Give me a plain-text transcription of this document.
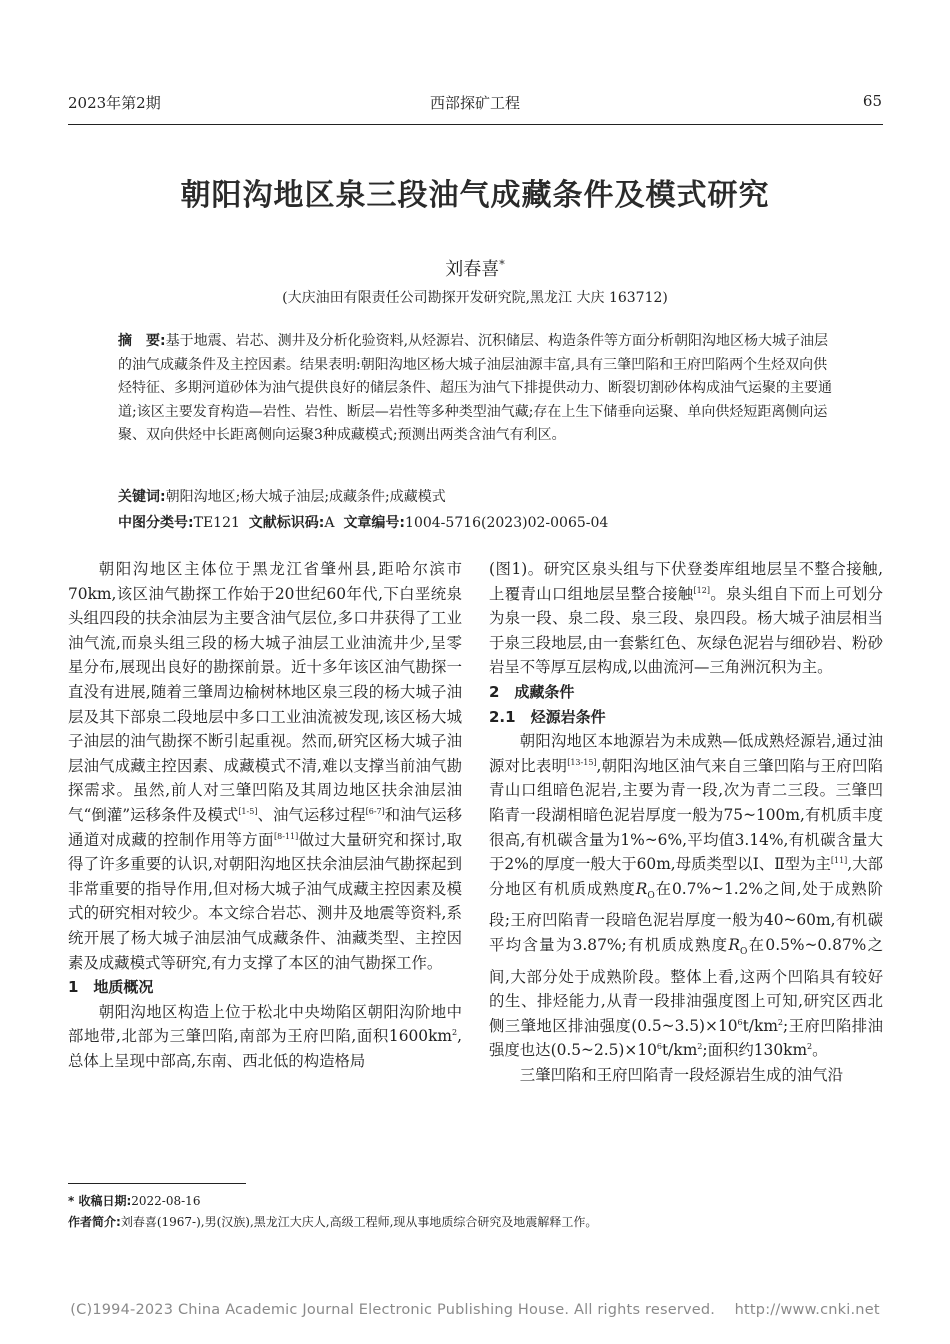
2023年第2期	西部探矿工程	65
朝阳沟地区泉三段油气成藏条件及模式研究
刘春喜*
(大庆油田有限责任公司勘探开发研究院,黑龙江 大庆 163712)
摘　要:基于地震、岩芯、测井及分析化验资料,从烃源岩、沉积储层、构造条件等方面分析朝阳沟地区杨大城子油层的油气成藏条件及主控因素。结果表明:朝阳沟地区杨大城子油层油源丰富,具有三肇凹陷和王府凹陷两个生烃双向供烃特征、多期河道砂体为油气提供良好的储层条件、超压为油气下排提供动力、断裂切割砂体构成油气运聚的主要通道;该区主要发育构造—岩性、岩性、断层—岩性等多种类型油气藏;存在上生下储垂向运聚、单向供烃短距离侧向运聚、双向供烃中长距离侧向运聚3种成藏模式;预测出两类含油气有利区。
关键词:朝阳沟地区;杨大城子油层;成藏条件;成藏模式
中图分类号:TE121 文献标识码:A 文章编号:1004-5716(2023)02-0065-04

朝阳沟地区主体位于黑龙江省肇州县,距哈尔滨市70km,该区油气勘探工作始于20世纪60年代,下白垩统泉头组四段的扶余油层为主要含油气层位,多口井获得了工业油气流,而泉头组三段的杨大城子油层工业油流井少,呈零星分布,展现出良好的勘探前景。近十多年该区油气勘探一直没有进展,随着三肇周边榆树林地区泉三段的杨大城子油层及其下部泉二段地层中多口工业油流被发现,该区杨大城子油层的油气勘探不断引起重视。然而,研究区杨大城子油层油气成藏主控因素、成藏模式不清,难以支撑当前油气勘探需求。虽然,前人对三肇凹陷及其周边地区扶余油层油气“倒灌”运移条件及模式[1-5]、油气运移过程[6-7]和油气运移通道对成藏的控制作用等方面[8-11]做过大量研究和探讨,取得了许多重要的认识,对朝阳沟地区扶余油层油气勘探起到非常重要的指导作用,但对杨大城子油气成藏主控因素及模式的研究相对较少。本文综合岩芯、测井及地震等资料,系统开展了杨大城子油层油气成藏条件、油藏类型、主控因素及成藏模式等研究,有力支撑了本区的油气勘探工作。

1　地质概况

朝阳沟地区构造上位于松北中央坳陷区朝阳沟阶地中部地带,北部为三肇凹陷,南部为王府凹陷,面积$1600km^2$,总体上呈现中部高,东南、西北低的构造格局

(图1)。研究区泉头组与下伏登娄库组地层呈不整合接触,上覆青山口组地层呈整合接触[12]。泉头组自下而上可划分为泉一段、泉二段、泉三段、泉四段。杨大城子油层相当于泉三段地层,由一套紫红色、灰绿色泥岩与细砂岩、粉砂岩呈不等厚互层构成,以曲流河—三角洲沉积为主。

2　成藏条件

2.1　烃源岩条件

朝阳沟地区本地源岩为未成熟—低成熟烃源岩,通过油源对比表明[13-15],朝阳沟地区油气来自三肇凹陷与王府凹陷青山口组暗色泥岩,主要为青一段,次为青二三段。三肇凹陷青一段湖相暗色泥岩厚度一般为75~100m,有机质丰度很高,有机碳含量为1%~6%,平均值3.14%,有机碳含量大于2%的厚度一般大于60m,母质类型以Ⅰ、Ⅱ型为主[11],大部分地区有机质成熟度$R_O$在0.7%~1.2%之间,处于成熟阶段;王府凹陷青一段暗色泥岩厚度一般为40~60m,有机碳平均含量为3.87%;有机质成熟度$R_O$在0.5%~0.87%之间,大部分处于成熟阶段。整体上看,这两个凹陷具有较好的生、排烃能力,从青一段排油强度图上可知,研究区西北侧三肇地区排油强度$(0.5\sim 3.5)\times 10^6t/km^2$;王府凹陷排油强度也达$(0.5\sim 2.5)\times 10^6t/km^2$;面积约$130km^2$。

三肇凹陷和王府凹陷青一段烃源岩生成的油气沿

* 收稿日期:2022-08-16
作者简介:刘春喜(1967-),男(汉族),黑龙江大庆人,高级工程师,现从事地质综合研究及地震解释工作。
(C)1994-2023 China Academic Journal Electronic Publishing House. All rights reserved.　 http://www.cnki.net
